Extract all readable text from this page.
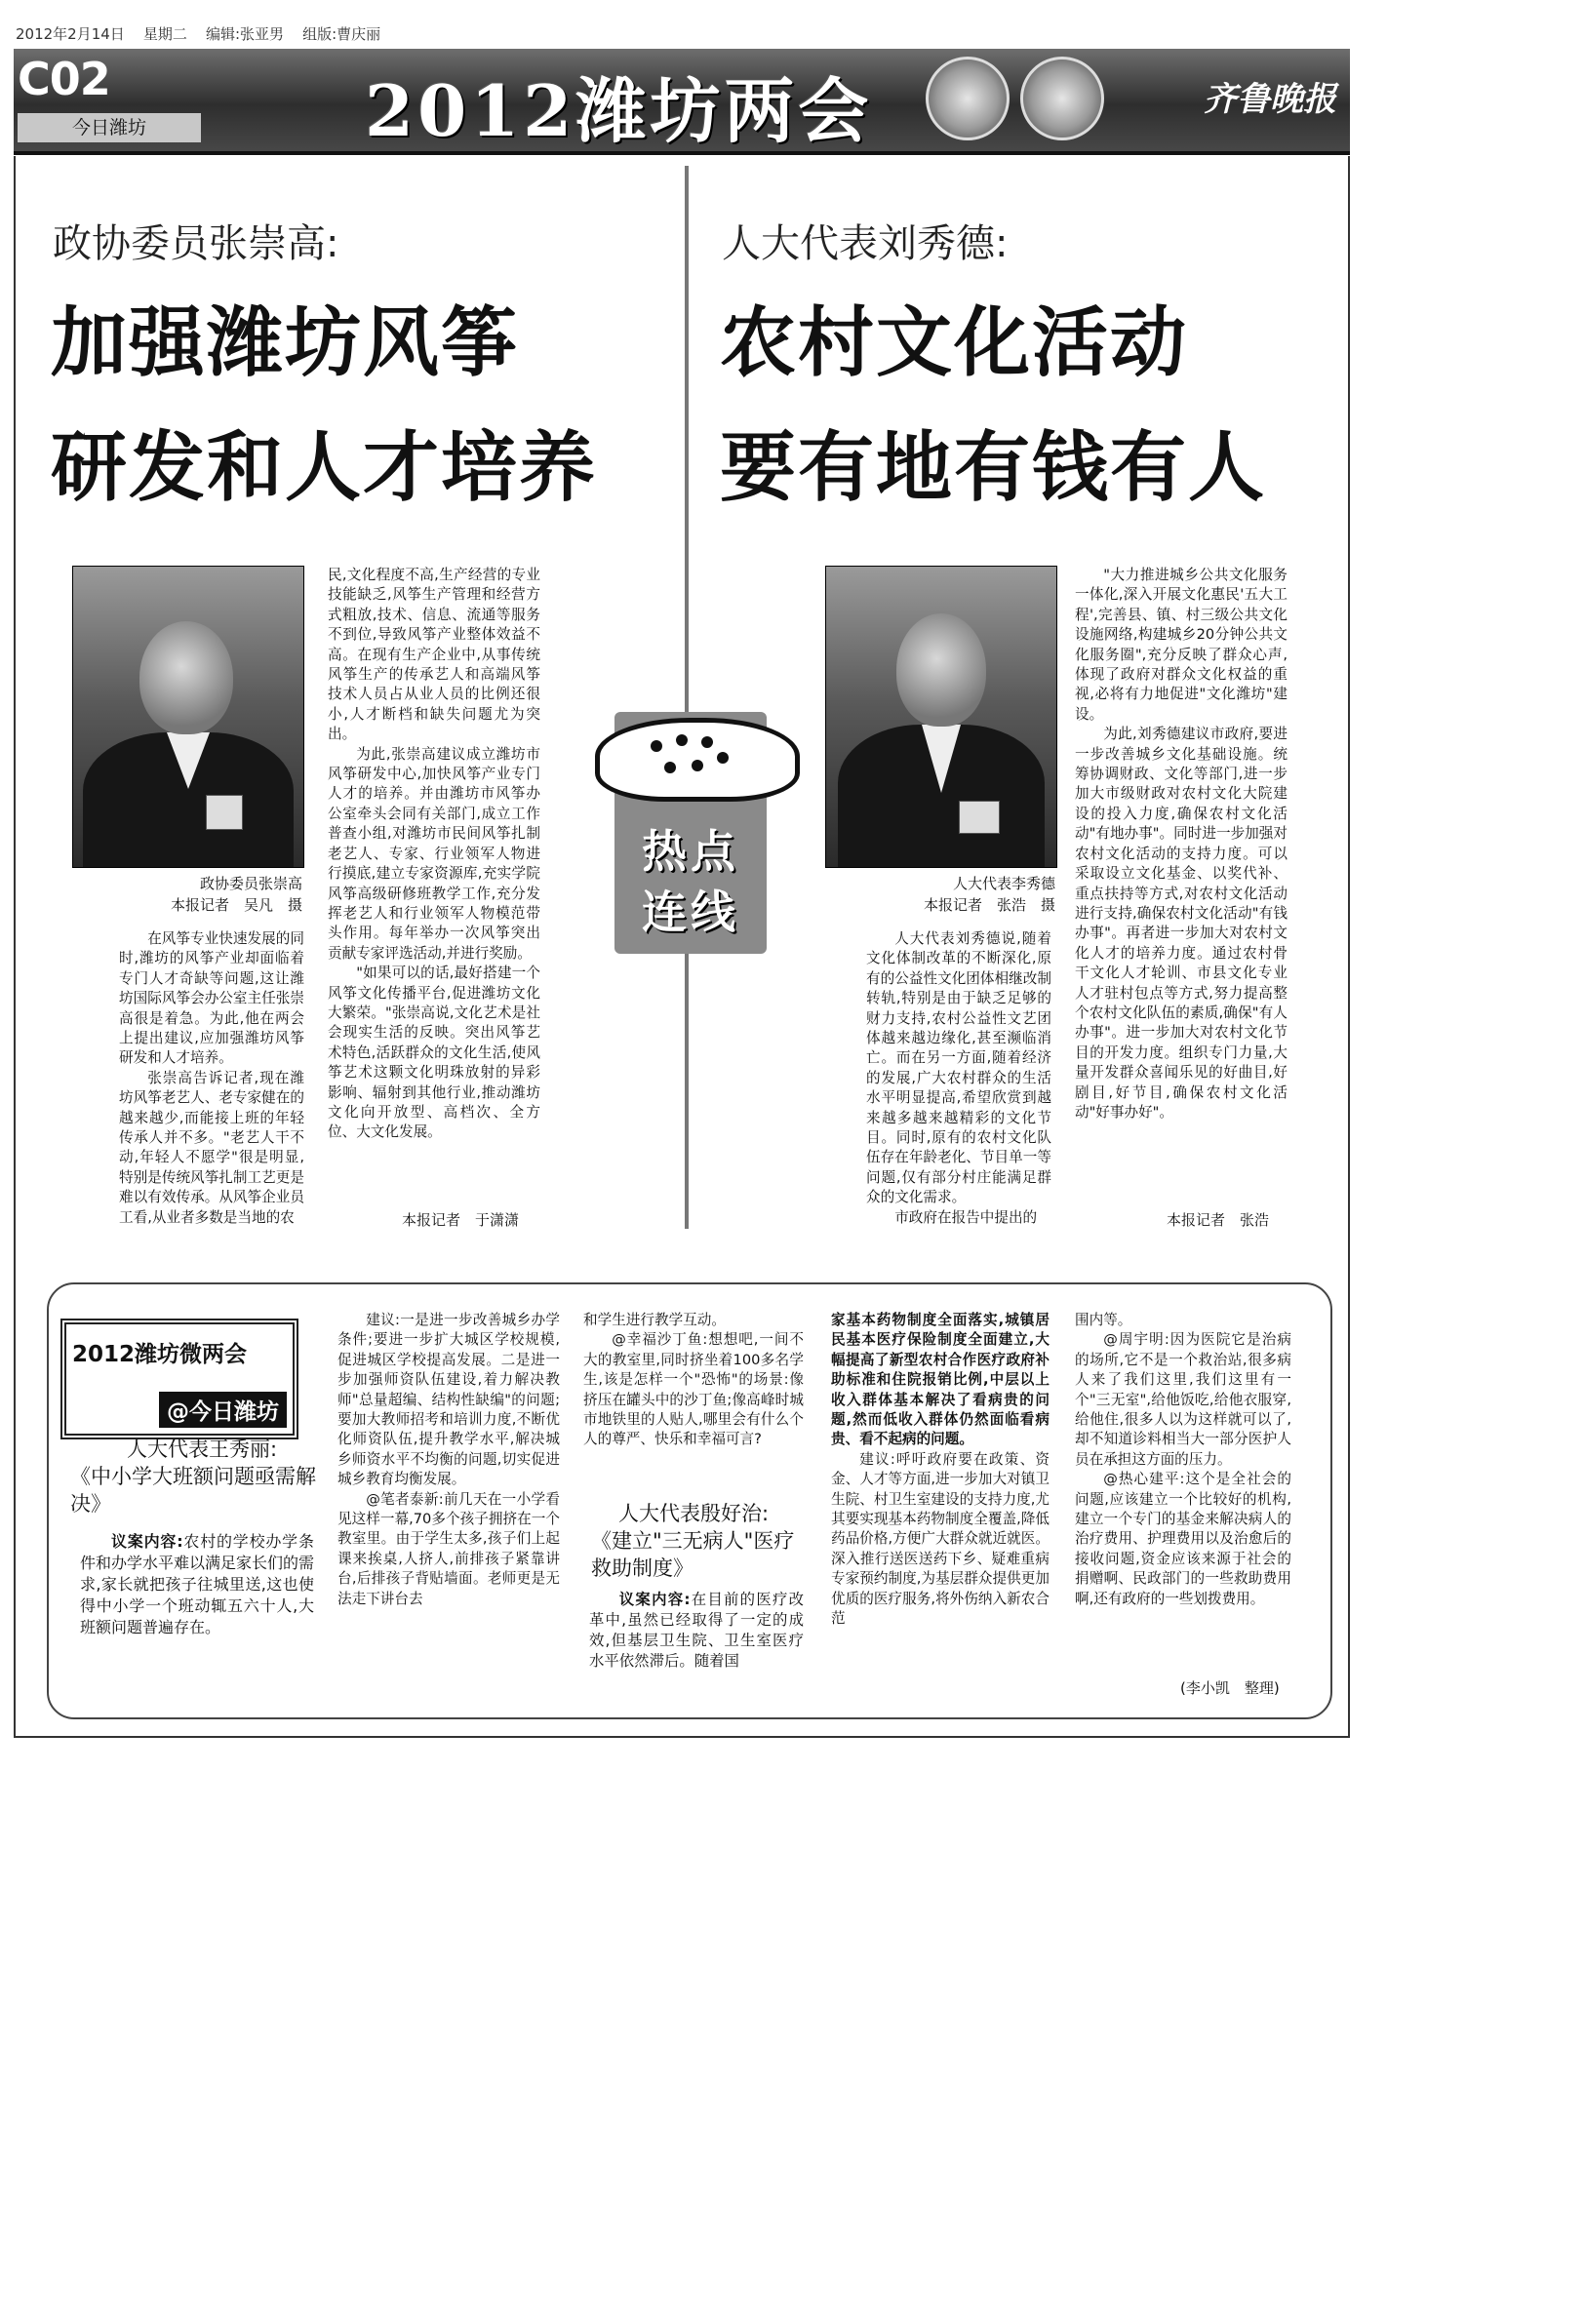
2012年2月14日 星期二 编辑:张亚男 组版:曹庆丽
C02
今日潍坊	2012潍坊两会	齐鲁晚报
政协委员张崇高:
加强潍坊风筝
研发和人才培养
政协委员张崇高
本报记者　吴凡　摄

在风筝专业快速发展的同时,潍坊的风筝产业却面临着专门人才奇缺等问题,这让潍坊国际风筝会办公室主任张崇高很是着急。为此,他在两会上提出建议,应加强潍坊风筝研发和人才培养。

张崇高告诉记者,现在潍坊风筝老艺人、老专家健在的越来越少,而能接上班的年轻传承人并不多。"老艺人干不动,年轻人不愿学"很是明显,特别是传统风筝扎制工艺更是难以有效传承。从风筝企业员工看,从业者多数是当地的农

民,文化程度不高,生产经营的专业技能缺乏,风筝生产管理和经营方式粗放,技术、信息、流通等服务不到位,导致风筝产业整体效益不高。在现有生产企业中,从事传统风筝生产的传承艺人和高端风筝技术人员占从业人员的比例还很小,人才断档和缺失问题尤为突出。

为此,张崇高建议成立潍坊市风筝研发中心,加快风筝产业专门人才的培养。并由潍坊市风筝办公室牵头会同有关部门,成立工作普查小组,对潍坊市民间风筝扎制老艺人、专家、行业领军人物进行摸底,建立专家资源库,充实学院风筝高级研修班教学工作,充分发挥老艺人和行业领军人物模范带头作用。每年举办一次风筝突出贡献专家评选活动,并进行奖励。

"如果可以的话,最好搭建一个风筝文化传播平台,促进潍坊文化大繁荣。"张崇高说,文化艺术是社会现实生活的反映。突出风筝艺术特色,活跃群众的文化生活,使风筝艺术这颗文化明珠放射的异彩影响、辐射到其他行业,推动潍坊文化向开放型、高档次、全方位、大文化发展。

本报记者　于潇潇
热点
连线
人大代表刘秀德:
农村文化活动
要有地有钱有人
人大代表李秀德
本报记者　张浩　摄

人大代表刘秀德说,随着文化体制改革的不断深化,原有的公益性文化团体相继改制转轨,特别是由于缺乏足够的财力支持,农村公益性文艺团体越来越边缘化,甚至濒临消亡。而在另一方面,随着经济的发展,广大农村群众的生活水平明显提高,希望欣赏到越来越多越来越精彩的文化节目。同时,原有的农村文化队伍存在年龄老化、节目单一等问题,仅有部分村庄能满足群众的文化需求。

市政府在报告中提出的

"大力推进城乡公共文化服务一体化,深入开展文化惠民'五大工程',完善县、镇、村三级公共文化设施网络,构建城乡20分钟公共文化服务圈",充分反映了群众心声,体现了政府对群众文化权益的重视,必将有力地促进"文化潍坊"建设。

为此,刘秀德建议市政府,要进一步改善城乡文化基础设施。统筹协调财政、文化等部门,进一步加大市级财政对农村文化大院建设的投入力度,确保农村文化活动"有地办事"。同时进一步加强对农村文化活动的支持力度。可以采取设立文化基金、以奖代补、重点扶持等方式,对农村文化活动进行支持,确保农村文化活动"有钱办事"。再者进一步加大对农村文化人才的培养力度。通过农村骨干文化人才轮训、市县文化专业人才驻村包点等方式,努力提高整个农村文化队伍的素质,确保"有人办事"。进一步加大对农村文化节目的开发力度。组织专门力量,大量开发群众喜闻乐见的好曲目,好剧目,好节目,确保农村文化活动"好事办好"。

本报记者　张浩
2012潍坊微两会
@今日潍坊
人大代表王秀丽:
《中小学大班额问题亟需解决》

议案内容:农村的学校办学条件和办学水平难以满足家长们的需求,家长就把孩子往城里送,这也使得中小学一个班动辄五六十人,大班额问题普遍存在。

建议:一是进一步改善城乡办学条件;要进一步扩大城区学校规模,促进城区学校提高发展。二是进一步加强师资队伍建设,着力解决教师"总量超编、结构性缺编"的问题;要加大教师招考和培训力度,不断优化师资队伍,提升教学水平,解决城乡师资水平不均衡的问题,切实促进城乡教育均衡发展。

@笔者泰新:前几天在一小学看见这样一幕,70多个孩子拥挤在一个教室里。由于学生太多,孩子们上起课来挨桌,人挤人,前排孩子紧靠讲台,后排孩子背贴墙面。老师更是无法走下讲台去

和学生进行教学互动。

@幸福沙丁鱼:想想吧,一间不大的教室里,同时挤坐着100多名学生,该是怎样一个"恐怖"的场景:像挤压在罐头中的沙丁鱼;像高峰时城市地铁里的人贴人,哪里会有什么个人的尊严、快乐和幸福可言?

人大代表殷好治:
《建立"三无病人"医疗救助制度》

议案内容:在目前的医疗改革中,虽然已经取得了一定的成效,但基层卫生院、卫生室医疗水平依然滞后。随着国

家基本药物制度全面落实,城镇居民基本医疗保险制度全面建立,大幅提高了新型农村合作医疗政府补助标准和住院报销比例,中层以上收入群体基本解决了看病贵的问题,然而低收入群体仍然面临看病贵、看不起病的问题。

建议:呼吁政府要在政策、资金、人才等方面,进一步加大对镇卫生院、村卫生室建设的支持力度,尤其要实现基本药物制度全覆盖,降低药品价格,方便广大群众就近就医。深入推行送医送药下乡、疑难重病专家预约制度,为基层群众提供更加优质的医疗服务,将外伤纳入新农合范

围内等。

@周宇明:因为医院它是治病的场所,它不是一个救治站,很多病人来了我们这里,我们这里有一个"三无室",给他饭吃,给他衣服穿,给他住,很多人以为这样就可以了,却不知道诊料相当大一部分医护人员在承担这方面的压力。

@热心建平:这个是全社会的问题,应该建立一个比较好的机构,建立一个专门的基金来解决病人的治疗费用、护理费用以及治愈后的接收问题,资金应该来源于社会的捐赠啊、民政部门的一些救助费用啊,还有政府的一些划拨费用。

(李小凯　整理)
